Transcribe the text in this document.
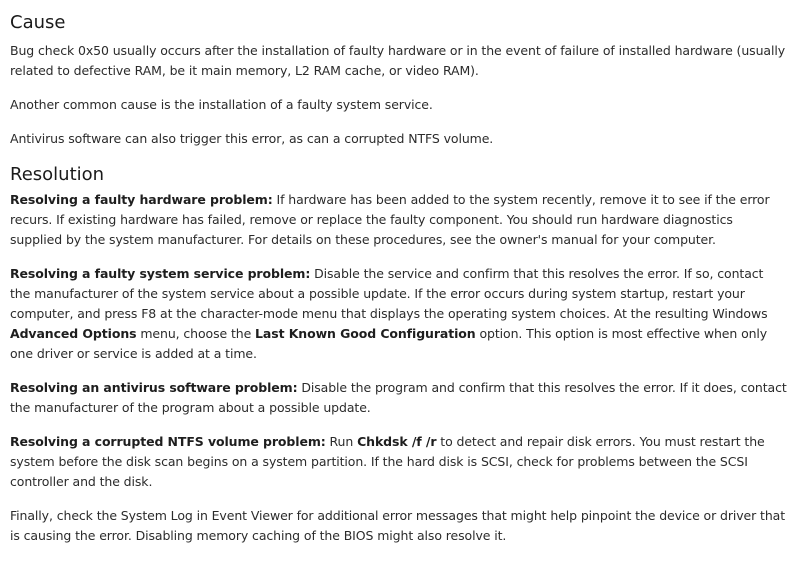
Cause

Bug check 0x50 usually occurs after the installation of faulty hardware or in the event of failure of installed hardware (usually related to defective RAM, be it main memory, L2 RAM cache, or video RAM).

Another common cause is the installation of a faulty system service.

Antivirus software can also trigger this error, as can a corrupted NTFS volume.

Resolution

Resolving a faulty hardware problem: If hardware has been added to the system recently, remove it to see if the error recurs. If existing hardware has failed, remove or replace the faulty component. You should run hardware diagnostics supplied by the system manufacturer. For details on these procedures, see the owner's manual for your computer.

Resolving a faulty system service problem: Disable the service and confirm that this resolves the error. If so, contact the manufacturer of the system service about a possible update. If the error occurs during system startup, restart your computer, and press F8 at the character-mode menu that displays the operating system choices. At the resulting Windows Advanced Options menu, choose the Last Known Good Configuration option. This option is most effective when only one driver or service is added at a time.

Resolving an antivirus software problem: Disable the program and confirm that this resolves the error. If it does, contact the manufacturer of the program about a possible update.

Resolving a corrupted NTFS volume problem: Run Chkdsk /f /r to detect and repair disk errors. You must restart the system before the disk scan begins on a system partition. If the hard disk is SCSI, check for problems between the SCSI controller and the disk.

Finally, check the System Log in Event Viewer for additional error messages that might help pinpoint the device or driver that is causing the error. Disabling memory caching of the BIOS might also resolve it.
